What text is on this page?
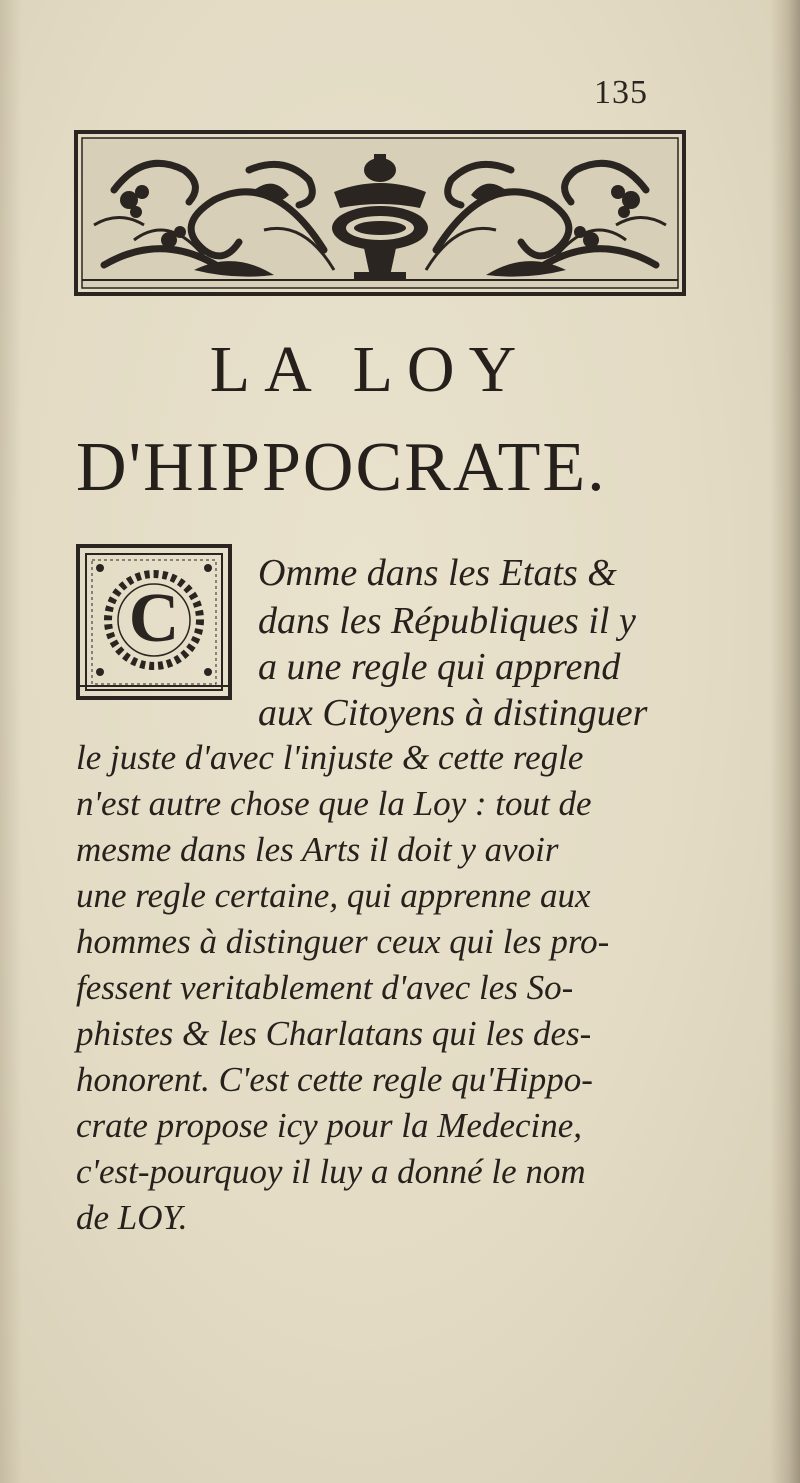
135
LA LOY
D'HIPPOCRATE.
C
Omme dans les Etats &
dans les Républiques il y
a une regle qui apprend
aux Citoyens à distinguer
le juste d'avec l'injuste & cette regle
n'est autre chose que la Loy : tout de
mesme dans les Arts il doit y avoir
une regle certaine, qui apprenne aux
hommes à distinguer ceux qui les pro-
fessent veritablement d'avec les So-
phistes & les Charlatans qui les des-
honorent. C'est cette regle qu'Hippo-
crate propose icy pour la Medecine,
c'est-pourquoy il luy a donné le nom
de LOY.
